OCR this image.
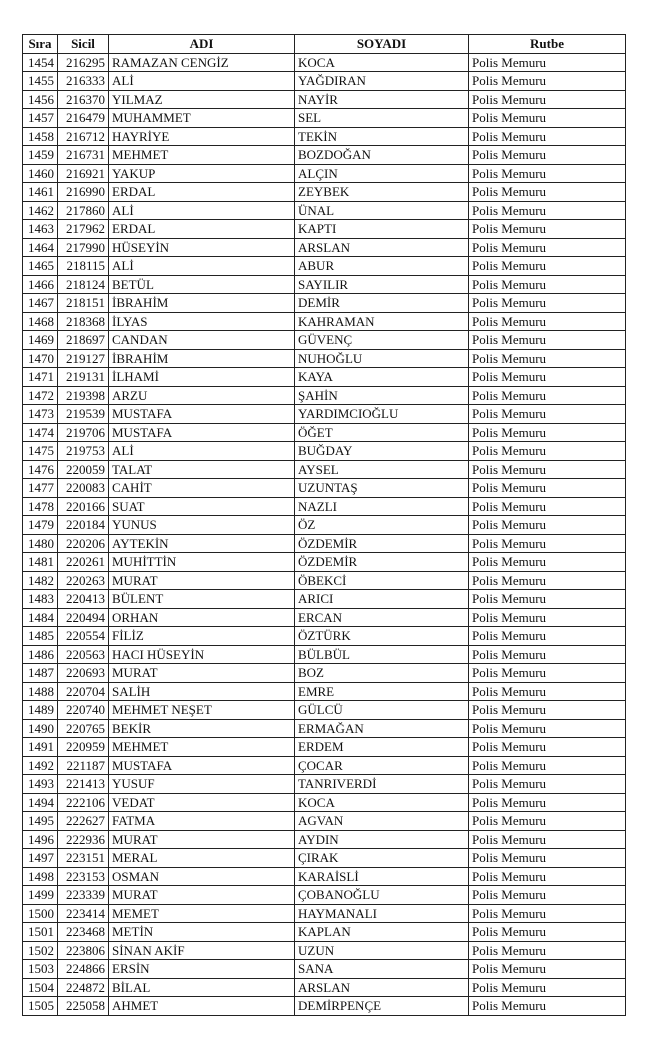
Sıra	Sicil	ADI	SOYADI	Rutbe
1454	216295	RAMAZAN CENGİZ	KOCA	Polis Memuru
1455	216333	ALİ	YAĞDIRAN	Polis Memuru
1456	216370	YILMAZ	NAYİR	Polis Memuru
1457	216479	MUHAMMET	SEL	Polis Memuru
1458	216712	HAYRİYE	TEKİN	Polis Memuru
1459	216731	MEHMET	BOZDOĞAN	Polis Memuru
1460	216921	YAKUP	ALÇIN	Polis Memuru
1461	216990	ERDAL	ZEYBEK	Polis Memuru
1462	217860	ALİ	ÜNAL	Polis Memuru
1463	217962	ERDAL	KAPTI	Polis Memuru
1464	217990	HÜSEYİN	ARSLAN	Polis Memuru
1465	218115	ALİ	ABUR	Polis Memuru
1466	218124	BETÜL	SAYILIR	Polis Memuru
1467	218151	İBRAHİM	DEMİR	Polis Memuru
1468	218368	İLYAS	KAHRAMAN	Polis Memuru
1469	218697	CANDAN	GÜVENÇ	Polis Memuru
1470	219127	İBRAHİM	NUHOĞLU	Polis Memuru
1471	219131	İLHAMİ	KAYA	Polis Memuru
1472	219398	ARZU	ŞAHİN	Polis Memuru
1473	219539	MUSTAFA	YARDIMCIOĞLU	Polis Memuru
1474	219706	MUSTAFA	ÖĞET	Polis Memuru
1475	219753	ALİ	BUĞDAY	Polis Memuru
1476	220059	TALAT	AYSEL	Polis Memuru
1477	220083	CAHİT	UZUNTAŞ	Polis Memuru
1478	220166	SUAT	NAZLI	Polis Memuru
1479	220184	YUNUS	ÖZ	Polis Memuru
1480	220206	AYTEKİN	ÖZDEMİR	Polis Memuru
1481	220261	MUHİTTİN	ÖZDEMİR	Polis Memuru
1482	220263	MURAT	ÖBEKCİ	Polis Memuru
1483	220413	BÜLENT	ARICI	Polis Memuru
1484	220494	ORHAN	ERCAN	Polis Memuru
1485	220554	FİLİZ	ÖZTÜRK	Polis Memuru
1486	220563	HACI HÜSEYİN	BÜLBÜL	Polis Memuru
1487	220693	MURAT	BOZ	Polis Memuru
1488	220704	SALİH	EMRE	Polis Memuru
1489	220740	MEHMET NEŞET	GÜLCÜ	Polis Memuru
1490	220765	BEKİR	ERMAĞAN	Polis Memuru
1491	220959	MEHMET	ERDEM	Polis Memuru
1492	221187	MUSTAFA	ÇOCAR	Polis Memuru
1493	221413	YUSUF	TANRIVERDİ	Polis Memuru
1494	222106	VEDAT	KOCA	Polis Memuru
1495	222627	FATMA	AGVAN	Polis Memuru
1496	222936	MURAT	AYDIN	Polis Memuru
1497	223151	MERAL	ÇIRAK	Polis Memuru
1498	223153	OSMAN	KARAİSLİ	Polis Memuru
1499	223339	MURAT	ÇOBANOĞLU	Polis Memuru
1500	223414	MEMET	HAYMANALI	Polis Memuru
1501	223468	METİN	KAPLAN	Polis Memuru
1502	223806	SİNAN AKİF	UZUN	Polis Memuru
1503	224866	ERSİN	SANA	Polis Memuru
1504	224872	BİLAL	ARSLAN	Polis Memuru
1505	225058	AHMET	DEMİRPENÇE	Polis Memuru
